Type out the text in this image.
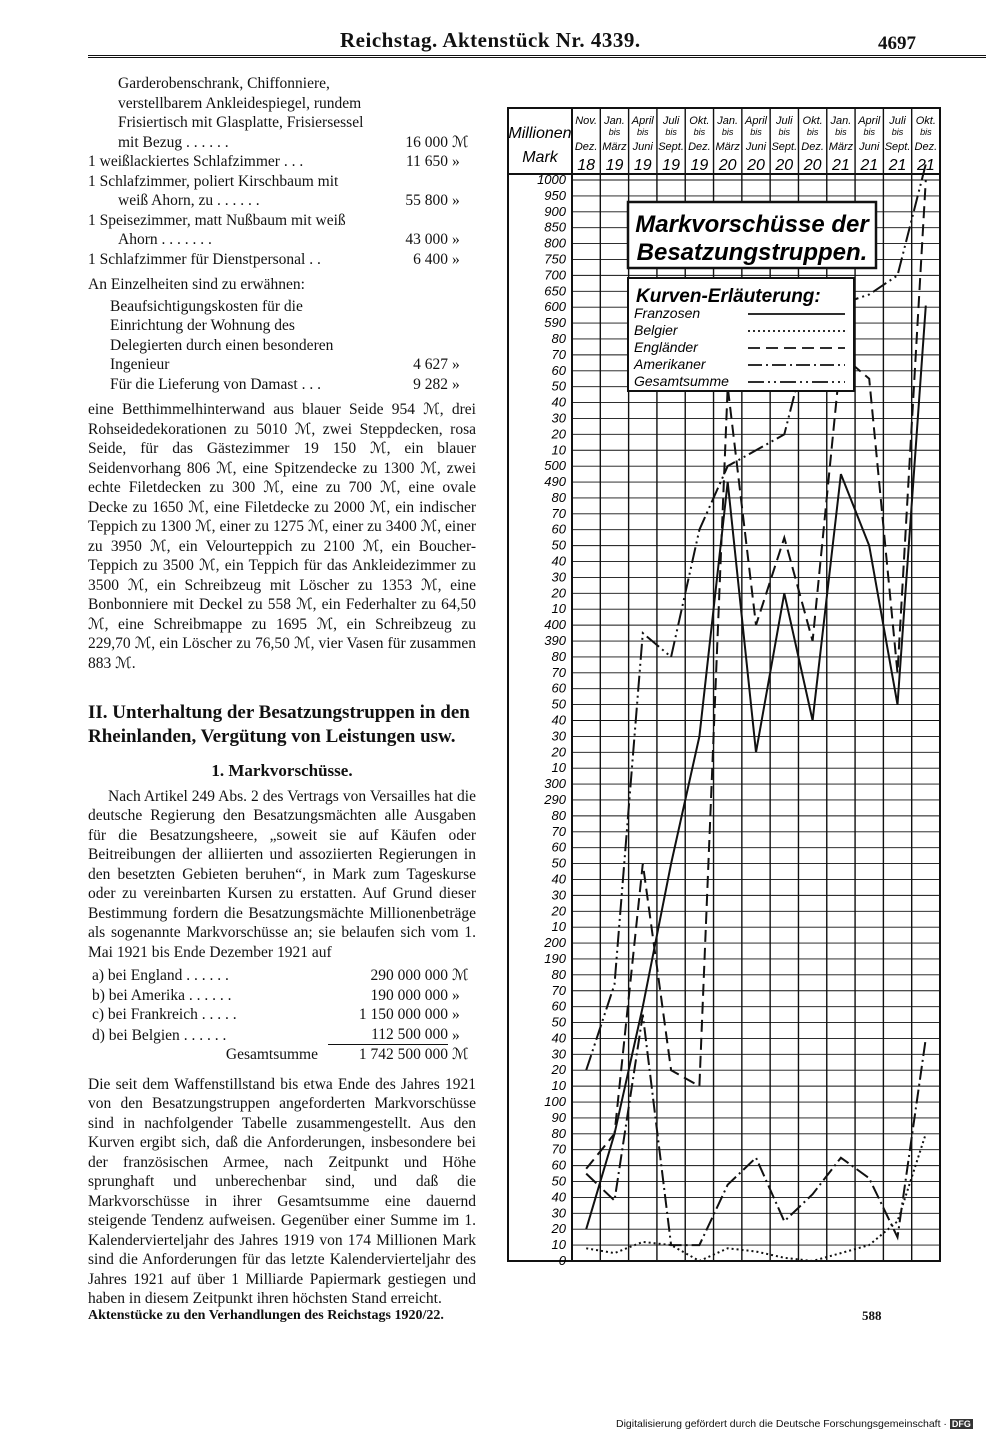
Reichstag. Aktenstück Nr. 4339.	4697
Garderobenschrank, Chiffonniere, verstellbarem Ankleidespiegel, rundem Frisiertisch mit Glasplatte, Frisiersessel mit Bezug . . . . . .	16 000 ℳ
1 weißlackiertes Schlafzimmer . . .	11 650 »
1 Schlafzimmer, poliert Kirschbaum mit weiß Ahorn, zu . . . . . .	55 800 »
1 Speisezimmer, matt Nußbaum mit weiß Ahorn . . . . . . .	43 000 »
1 Schlafzimmer für Dienstpersonal . .	6 400 »
An Einzelheiten sind zu erwähnen:
Beaufsichtigungskosten für die Einrichtung der Wohnung des Delegierten durch einen besonderen Ingenieur	4 627 »
Für die Lieferung von Damast . . .	9 282 »
eine Betthimmelhinterwand aus blauer Seide 954 ℳ, drei Rohseidedekorationen zu 5010 ℳ, zwei Steppdecken, rosa Seide, für das Gästezimmer 19 150 ℳ, ein blauer Seidenvorhang 806 ℳ, eine Spitzendecke zu 1300 ℳ, zwei echte Filetdecken zu 300 ℳ, eine zu 700 ℳ, eine ovale Decke zu 1650 ℳ, eine Filetdecke zu 2000 ℳ, ein indischer Teppich zu 1300 ℳ, einer zu 1275 ℳ, einer zu 3400 ℳ, einer zu 3950 ℳ, ein Velourteppich zu 2100 ℳ, ein Boucher-Teppich zu 3500 ℳ, ein Teppich für das Ankleidezimmer zu 3500 ℳ, ein Schreibzeug mit Löscher zu 1353 ℳ, eine Bonbonniere mit Deckel zu 558 ℳ, ein Federhalter zu 64,50 ℳ, eine Schreibmappe zu 1695 ℳ, ein Schreibzeug zu 229,70 ℳ, ein Löscher zu 76,50 ℳ, vier Vasen für zusammen 883 ℳ.
II. Unterhaltung der Besatzungstruppen in den Rheinlanden, Vergütung von Leistungen usw.
1. Markvorschüsse.
Nach Artikel 249 Abs. 2 des Vertrags von Versailles hat die deutsche Regierung den Besatzungsmächten alle Ausgaben für die Besatzungsheere, „soweit sie auf Käufen oder Beitreibungen der alliierten und assoziierten Regierungen in den besetzten Gebieten beruhen“, in Mark zum Tageskurse oder zu vereinbarten Kursen zu erstatten. Auf Grund dieser Bestimmung fordern die Besatzungsmächte Millionenbeträge als sogenannte Markvorschüsse an; sie belaufen sich vom 1. Mai 1921 bis Ende Dezember 1921 auf
a) bei England . . . . . .	290 000 000 ℳ
b) bei Amerika . . . . . .	190 000 000 »
c) bei Frankreich . . . . .	1 150 000 000 »
d) bei Belgien . . . . . .	112 500 000 »
Gesamtsumme	1 742 500 000 ℳ
Die seit dem Waffenstillstand bis etwa Ende des Jahres 1921 von den Besatzungstruppen angeforderten Markvorschüsse sind in nachfolgender Tabelle zusammengestellt. Aus den Kurven ergibt sich, daß die Anforderungen, insbesondere bei der französischen Armee, nach Zeitpunkt und Höhe sprunghaft und unberechenbar sind, und daß die Markvorschüsse in ihrer Gesamtsumme eine dauernd steigende Tendenz aufweisen. Gegenüber einer Summe im 1. Kalendervierteljahr des Jahres 1919 von 174 Millionen Mark sind die Anforderungen für das letzte Kalendervierteljahr des Jahres 1921 auf über 1 Milliarde Papiermark gestiegen und haben in diesem Zeitpunkt ihren höchsten Stand erreicht.
1000
950
900
850
800
750
700
650
600
590
80
70
60
50
40
30
20
10
500
490
80
70
60
50
40
30
20
10
400
390
80
70
60
50
40
30
20
10
300
290
80
70
60
50
40
30
20
10
200
190
80
70
60
50
40
30
20
10
100
90
80
70
60
50
40
30
20
10
0
Millionen
Mark
Nov.
Dez.
18
Jan.
bis
März
19
April
bis
Juni
19
Juli
bis
Sept.
19
Okt.
bis
Dez.
19
Jan.
bis
März
20
April
bis
Juni
20
Juli
bis
Sept.
20
Okt.
bis
Dez.
20
Jan.
bis
März
21
April
bis
Juni
21
Juli
bis
Sept.
21
Okt.
bis
Dez.
21
Markvorschüsse der
Besatzungstruppen.
Kurven-Erläuterung:
Franzosen
Belgier
Engländer
Amerikaner
Gesamtsumme
Aktenstücke zu den Verhandlungen des Reichstags 1920/22.	588
Digitalisierung gefördert durch die Deutsche Forschungsgemeinschaft · DFG
